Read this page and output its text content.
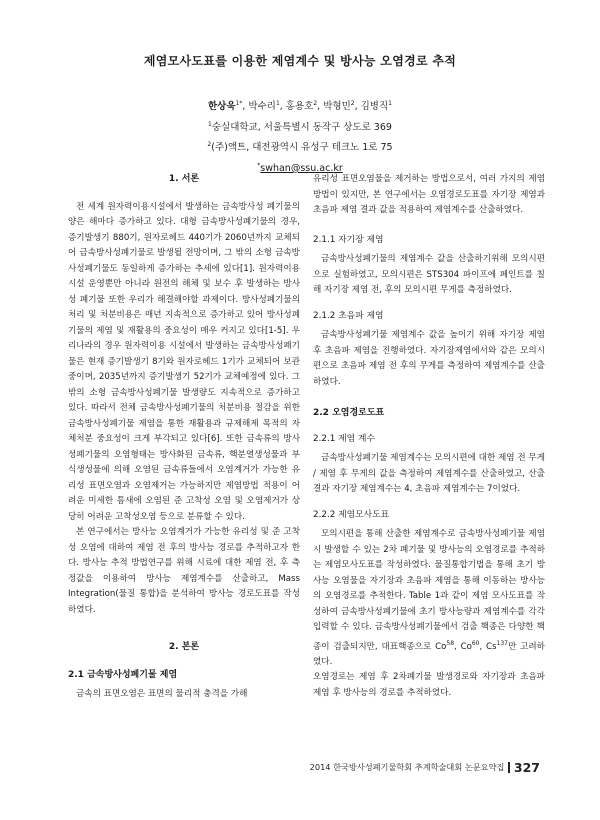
제염모사도표를 이용한 제염계수 및 방사능 오염경로 추적
한상욱$^{1*}$, 박수리$^1$, 홍용호$^2$, 박형민$^2$, 김병직$^1$
$^1$숭실대학교, 서울특별시 동작구 상도로 369
$^2$(주)액트, 대전광역시 유성구 테크노 1로 75
*swhan@ssu.ac.kr
1. 서론

전 세계 원자력이용시설에서 발생하는 금속방사성 폐기물의 양은 해마다 증가하고 있다. 대형 금속방사성폐기물의 경우, 증기발생기 880기, 원자로헤드 440기가 2060년까지 교체되어 금속방사성폐기물로 발생될 전망이며, 그 밖의 소형 금속방사성폐기물도 동일하게 증가하는 추세에 있다[1]. 원자력이용시설 운영뿐만 아니라 원전의 해체 및 보수 후 발생하는 방사성 폐기물 또한 우리가 해결해야할 과제이다. 방사성폐기물의 처리 및 처분비용은 매년 지속적으로 증가하고 있어 방사성폐기물의 제염 및 재활용의 중요성이 매우 커지고 있다[1-5]. 우리나라의 경우 원자력이용 시설에서 발생하는 금속방사성폐기물은 현재 증기발생기 8기와 원자로헤드 1기가 교체되어 보관중이며, 2035년까지 증기발생기 52기가 교체예정에 있다. 그 밖의 소형 금속방사성폐기물 발생량도 지속적으로 증가하고 있다. 따라서 전체 금속방사성폐기물의 처분비용 절감을 위한 금속방사성폐기물 제염을 통한 재활용과 규제해제 목적의 자체처분 중요성이 크게 부각되고 있다[6]. 또한 금속류의 방사성폐기물의 오염형태는 방사화된 금속류, 핵분열생성물과 부식생성물에 의해 오염된 금속류들에서 오염계거가 가능한 유리성 표면오염과 오염제거는 가능하지만 제염방법 적용이 어려운 미세한 틈새에 오염된 준 고착성 오염 및 오염제거가 상당히 어려운 고착성오염 등으로 분류할 수 있다.

본 연구에서는 방사능 오염계거가 가능한 유리성 및 준 고착성 오염에 대하여 제염 전 후의 방사능 경로를 추적하고자 한다. 방사능 추적 방법연구를 위해 시료에 대한 제염 전, 후 측정값을 이용하여 방사능 제염계수를 산출하고, Mass Integration(물질 통합)을 분석하여 방사능 경로도표를 작성하였다.

2. 본론
2.1 금속방사성폐기물 제염

금속의 표면오염은 표면의 물리적 충격을 가해

유리성 표면오염물을 제거하는 방법으로서, 여러 가지의 제염방법이 있지만, 본 연구에서는 오염경로도표를 자기장 제염과 초음파 제염 결과 값을 적용하여 제염계수를 산출하였다.

2.1.1 자기장 제염

금속방사성폐기물의 제염계수 값을 산출하기위해 모의시편으로 실험하였고, 모의시편은 STS304 파이프에 페인트를 칠해 자기장 제염 전, 후의 모의시편 무게를 측정하였다.

2.1.2 초음파 제염

금속방사성폐기물 제염계수 값을 높이기 위해 자기장 제염 후 초음파 제염을 진행하였다. 자기장제염에서와 같은 모의시편으로 초음파 제염 전 후의 무게를 측정하여 제염계수를 산출 하였다.

2.2 오염경로도표
2.2.1 제염 계수

금속방사성폐기물 제염계수는 모의시편에 대한 제염 전 무게 / 제염 후 무게의 값을 측정하여 제염계수를 산출하였고, 산출결과 자기장 제염계수는 4, 초음파 제염계수는 7이었다.

2.2.2 제염모사도표

모의시편을 통해 산출한 제염계수로 금속방사성폐기물 제염 시 발생할 수 있는 2차 폐기물 및 방사능의 오염경로를 추적하는 제염모사도표를 작성하였다. 물질통합기법을 통해 초기 방사능 오염물을 자기장과 초음파 제염을 통해 이동하는 방사능의 오염경로를 추적한다. Table 1과 같이 제염 모사도표를 작성하여 금속방사성폐기물에 초기 방사능량과 제염계수를 각각 입력할 수 있다. 금속방사성폐기물에서 검출 핵종은 다양한 핵종이 검출되지만, 대표핵종으로 Co$^{58}$, Co$^{60}$, Cs$^{137}$만 고려하였다.

오염경로는 제염 후 2차폐기물 발생경로와 자기장과 초음파 제염 후 방사능의 경로를 추적하였다.

2014 한국방사성폐기물학회 추계학술대회 논문요약집 327
